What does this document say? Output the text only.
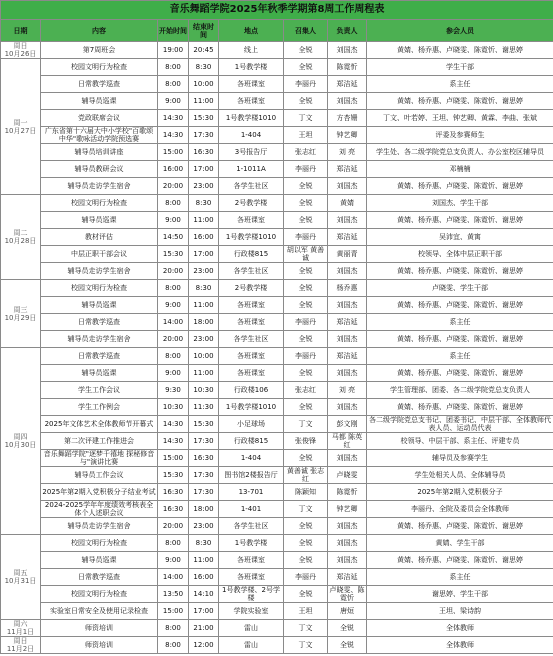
音乐舞蹈学院2025年秋季学期第8周工作周程表							
日期	内容	开始时间	结束时间	地点	召集人	负责人	参会人员

周日
10月26日	第7周班会	19:00	20:45	线上	全锐	刘国杰	黄婧、杨乔惠、卢晓雯、陈霓忻、谢思婷

周一
10月27日	校园文明行为检查	8:00	8:30	1号教学楼	全锐	陈霓忻	学生干部
	日常教学巡查	8:00	10:00	各班课室	李丽丹	郑洁延	系主任
	辅导员巡课	9:00	11:00	各班课室	全锐	刘国杰	黄婧、杨乔惠、卢晓雯、陈霓忻、谢思婷
	党政联席会议	14:30	15:30	1号教学楼1010	丁文	方杏姗	丁文、叶若婷、王坦、钟艺卿、黄霖、李曲、张斌
	广东省第十六届大中小学校"百歌颂中华"歌咏活动学院预选赛	14:30	17:30	1-404	王坦	钟艺卿	评委及参赛师生
	辅导员培训讲座	15:00	16:30	3号报告厅	张志红	刘 亮	学生处、各二级学院党总支负责人、办公室校区辅导员
	辅导员教研会议	16:00	17:00	1-1011A	李丽丹	郑洁延	邓楠楠
	辅导员走访学生宿舍	20:00	23:00	各学生社区	全锐	刘国杰	黄婧、杨乔惠、卢晓雯、陈霓忻、谢思婷

周二
10月28日	校园文明行为检查	8:00	8:30	2号教学楼	全锐	黄婧	刘国杰、学生干部
	辅导员巡课	9:00	11:00	各班课室	全锐	刘国杰	黄婧、杨乔惠、卢晓雯、陈霓忻、谢思婷
	教材评估	14:50	16:00	1号教学楼1010	李丽丹	郑洁延	吴沛宜、黄寓
	中层正职干部会议	15:30	17:00	行政楼815	胡以军 黄善诚	黄丽青	校领导、全体中层正职干部
	辅导员走访学生宿舍	20:00	23:00	各学生社区	全锐	刘国杰	黄婧、杨乔惠、卢晓雯、陈霓忻、谢思婷

周三
10月29日	校园文明行为检查	8:00	8:30	2号教学楼	全锐	杨乔惠	卢晓雯、学生干部
	辅导员巡课	9:00	11:00	各班课室	全锐	刘国杰	黄婧、杨乔惠、卢晓雯、陈霓忻、谢思婷
	日常教学巡查	14:00	18:00	各班课室	李丽丹	郑洁延	系主任
	辅导员走访学生宿舍	20:00	23:00	各学生社区	全锐	刘国杰	黄婧、杨乔惠、卢晓雯、陈霓忻、谢思婷

周四
10月30日	日常教学巡查	8:00	10:00	各班课室	李丽丹	郑洁延	系主任
	辅导员巡课	9:00	11:00	各班课室	全锐	刘国杰	黄婧、杨乔惠、卢晓雯、陈霓忻、谢思婷
	学生工作会议	9:30	10:30	行政楼106	张志红	刘 亮	学生管理部、团委、各二级学院党总支负责人
	学生工作例会	10:30	11:30	1号教学楼1010	全锐	刘国杰	黄婧、杨乔惠、卢晓雯、陈霓忻、谢思婷
	2025年文体艺术全体教师节开幕式	14:30	15:30	小足球场	丁文	彭文刚	各二级学院党总支书记、团委书记、中层干部、全体教师代表人员、运动员代表
	第二次评建工作推进会	14:30	17:30	行政楼815	张俊锋	马都 陈英红	校领导、中层干部、系主任、评建专员
	音乐舞蹈学院"逐梦千禧地 探秘修音与"演讲比赛	15:00	16:30	1-404	全锐	刘国杰	辅导员及参赛学生
	辅导员工作会议	15:30	17:30	图书馆2楼报告厅	黄善诚 张志红	卢晓雯	学生处相关人员、全体辅导员
	2025年第2期入党积极分子结业考试	16:30	17:30	13-701	陈颖知	陈霓忻	2025年第2期入党积极分子
	2024-2025学年年度绩效考核表全体个人述职会议	16:30	18:00	1-401	丁文	钟艺卿	李丽丹、全院及委员会全体教师
	辅导员走访学生宿舍	20:00	23:00	各学生社区	全锐	刘国杰	黄婧、杨乔惠、卢晓雯、陈霓忻、谢思婷

周五
10月31日	校园文明行为检查	8:00	8:30	1号教学楼	全锐	刘国杰	黄婧、学生干部
	辅导员巡课	9:00	11:00	各班课室	全锐	刘国杰	黄婧、杨乔惠、卢晓雯、陈霓忻、谢思婷
	日常教学巡查	14:00	16:00	各班课室	李丽丹	郑洁延	系主任
	校园文明行为检查	13:50	14:10	1号教学楼、2号学楼	全锐	卢晓雯、陈霓忻	谢思婷、学生干部
	实验室日常安全及使用记录检查	15:00	17:00	学院实验室	王坦	唐烜	王坦、梁诗韵

周六
11月1日	师资培训	8:00	21:00	雷山	丁文	全锐	全体教师

周日
11月2日	师资培训	8:00	12:00	雷山	丁文	全锐	全体教师
